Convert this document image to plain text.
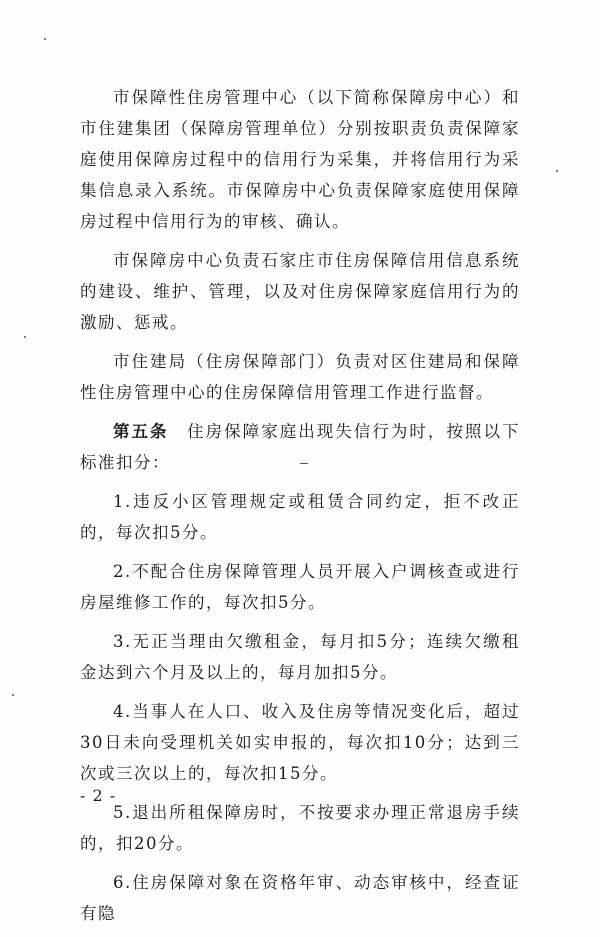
市保障性住房管理中心（以下简称保障房中心）和市住建集团（保障房管理单位）分别按职责负责保障家庭使用保障房过程中的信用行为采集，并将信用行为采集信息录入系统。市保障房中心负责保障家庭使用保障房过程中信用行为的审核、确认。

市保障房中心负责石家庄市住房保障信用信息系统的建设、维护、管理，以及对住房保障家庭信用行为的激励、惩戒。

市住建局（住房保障部门）负责对区住建局和保障性住房管理中心的住房保障信用管理工作进行监督。

第五条　 住房保障家庭出现失信行为时，按照以下标准扣分：

1.违反小区管理规定或租赁合同约定，拒不改正的，每次扣5分。

2.不配合住房保障管理人员开展入户调核查或进行房屋维修工作的，每次扣5分。

3.无正当理由欠缴租金，每月扣5分；连续欠缴租金达到六个月及以上的，每月加扣5分。

4.当事人在人口、收入及住房等情况变化后，超过30日未向受理机关如实申报的，每次扣10分；达到三次或三次以上的，每次扣15分。

5.退出所租保障房时，不按要求办理正常退房手续的，扣20分。

6.住房保障对象在资格年审、动态审核中，经查证有隐

- 2 -
